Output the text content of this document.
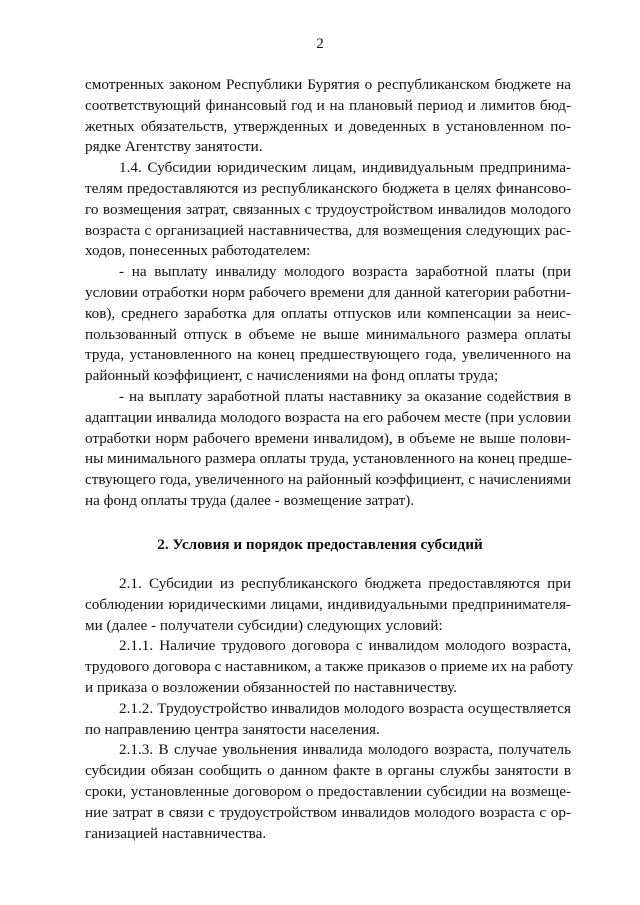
2
смотренных законом Республики Бурятия о республиканском бюджете на
соответствующий финансовый год и на плановый период и лимитов бюд-
жетных обязательств, утвержденных и доведенных в установленном по-
рядке Агентству занятости.
1.4. Субсидии юридическим лицам, индивидуальным предпринима-
телям предоставляются из республиканского бюджета в целях финансово-
го возмещения затрат, связанных с трудоустройством инвалидов молодого
возраста с организацией наставничества, для возмещения следующих рас-
ходов, понесенных работодателем:
- на выплату инвалиду молодого возраста заработной платы (при
условии отработки норм рабочего времени для данной категории работни-
ков), среднего заработка для оплаты отпусков или компенсации за неис-
пользованный отпуск в объеме не выше минимального размера оплаты
труда, установленного на конец предшествующего года, увеличенного на
районный коэффициент, с начислениями на фонд оплаты труда;
- на выплату заработной платы наставнику за оказание содействия в
адаптации инвалида молодого возраста на его рабочем месте (при условии
отработки норм рабочего времени инвалидом), в объеме не выше полови-
ны минимального размера оплаты труда, установленного на конец предше-
ствующего года, увеличенного на районный коэффициент, с начислениями
на фонд оплаты труда (далее - возмещение затрат).
2. Условия и порядок предоставления субсидий
2.1. Субсидии из республиканского бюджета предоставляются при
соблюдении юридическими лицами, индивидуальными предпринимателя-
ми (далее - получатели субсидии) следующих условий:
2.1.1. Наличие трудового договора с инвалидом молодого возраста,
трудового договора с наставником, а также приказов о приеме их на работу
и приказа о возложении обязанностей по наставничеству.
2.1.2. Трудоустройство инвалидов молодого возраста осуществляется
по направлению центра занятости населения.
2.1.3. В случае увольнения инвалида молодого возраста, получатель
субсидии обязан сообщить о данном факте в органы службы занятости в
сроки, установленные договором о предоставлении субсидии на возмеще-
ние затрат в связи с трудоустройством инвалидов молодого возраста с ор-
ганизацией наставничества.
